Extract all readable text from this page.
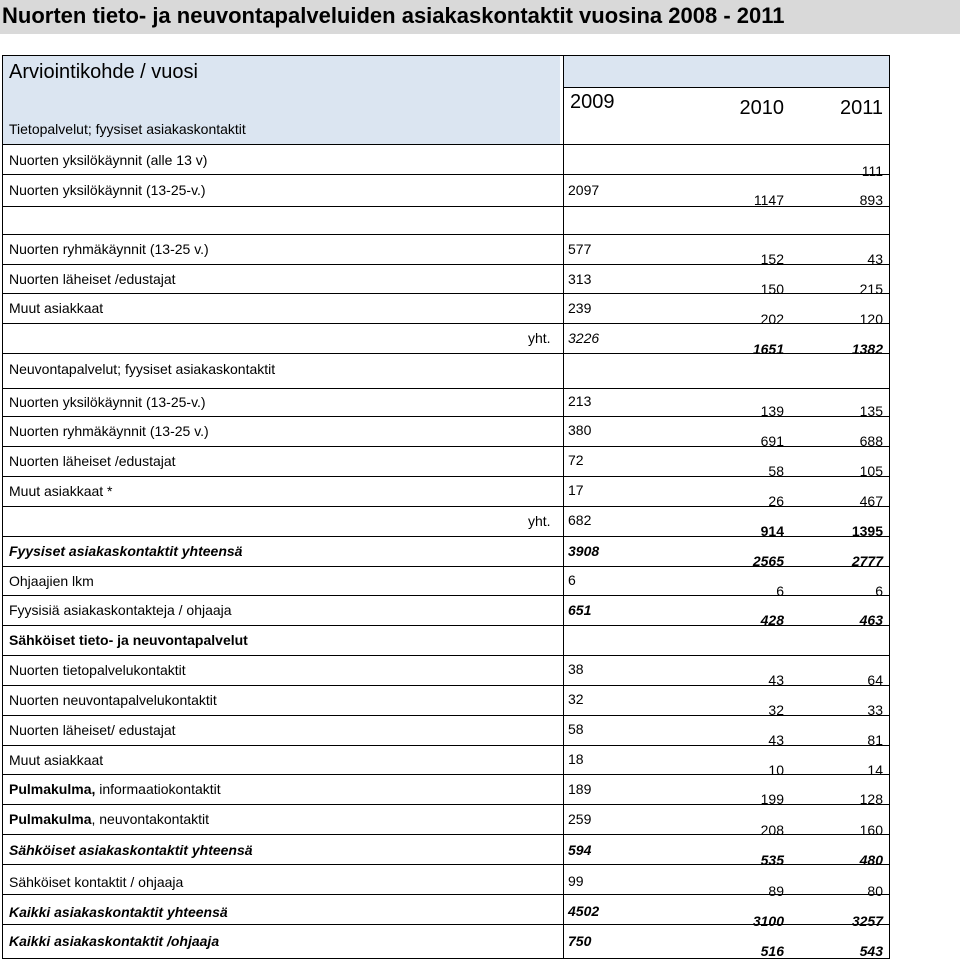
Nuorten tieto- ja neuvontapalveluiden asiakaskontaktit vuosina 2008 - 2011
Arviointikohde / vuosi
2009	2010	2011
Tietopalvelut; fyysiset asiakaskontaktit
Nuorten yksilökäynnit (alle 13 v)
Nuorten yksilökäynnit (13-25-v.)
Nuorten ryhmäkäynnit (13-25 v.)
Nuorten läheiset /edustajat
Muut asiakkaat
yht.
Neuvontapalvelut; fyysiset asiakaskontaktit
Nuorten yksilökäynnit (13-25-v.)
Nuorten ryhmäkäynnit (13-25 v.)
Nuorten läheiset /edustajat
Muut asiakkaat *
yht.
Fyysiset asiakaskontaktit yhteensä
Ohjaajien lkm
Fyysisiä asiakaskontakteja / ohjaaja
Sähköiset tieto- ja neuvontapalvelut
Nuorten tietopalvelukontaktit
Nuorten neuvontapalvelukontaktit
Nuorten läheiset/ edustajat
Muut asiakkaat
Pulmakulma, informaatiokontaktit
Pulmakulma, neuvontakontaktit
Sähköiset asiakaskontaktit yhteensä
Sähköiset kontaktit / ohjaaja
Kaikki asiakaskontaktit yhteensä
Kaikki asiakaskontaktit /ohjaaja
2097
577
313
239
3226
213
380
72
17
682
3908
6
651
38
32
58
18
189
259
594
99
4502
750
1147
152
150
202
1651
139
691
58
26
914
2565
6
428
43
32
43
10
199
208
535
89
3100
516
111
893
43
215
120
1382
135
688
105
467
1395
2777
6
463
64
33
81
14
128
160
480
80
3257
543
